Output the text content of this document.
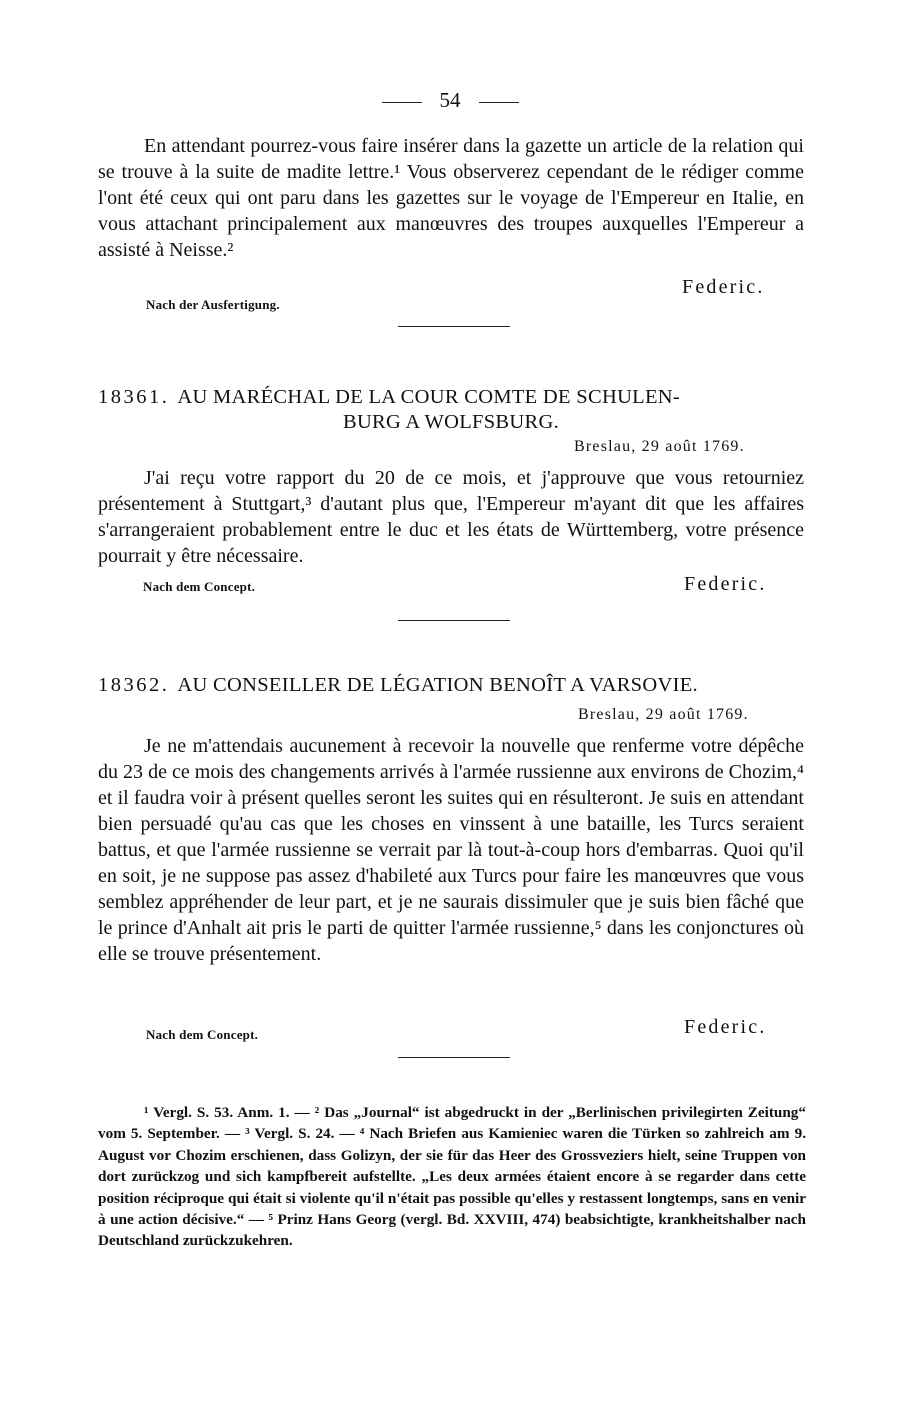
54

En attendant pourrez-vous faire insérer dans la gazette un article de la relation qui se trouve à la suite de madite lettre.¹ Vous observerez cependant de le rédiger comme l'ont été ceux qui ont paru dans les gazettes sur le voyage de l'Empereur en Italie, en vous attachant principalement aux manœuvres des troupes auxquelles l'Empereur a assisté à Neisse.²

Nach der Ausfertigung.
Federic.

18361. AU MARÉCHAL DE LA COUR COMTE DE SCHULEN-

BURG A WOLFSBURG.

Breslau, 29 août 1769.

J'ai reçu votre rapport du 20 de ce mois, et j'approuve que vous retourniez présentement à Stuttgart,³ d'autant plus que, l'Empereur m'ayant dit que les affaires s'arrangeraient probablement entre le duc et les états de Württemberg, votre présence pourrait y être nécessaire.

Nach dem Concept.	Federic.

18362. AU CONSEILLER DE LÉGATION BENOÎT A VARSOVIE.

Breslau, 29 août 1769.

Je ne m'attendais aucunement à recevoir la nouvelle que renferme votre dépêche du 23 de ce mois des changements arrivés à l'armée russienne aux environs de Chozim,⁴ et il faudra voir à présent quelles seront les suites qui en résulteront. Je suis en attendant bien persuadé qu'au cas que les choses en vinssent à une bataille, les Turcs seraient battus, et que l'armée russienne se verrait par là tout-à-coup hors d'embarras. Quoi qu'il en soit, je ne suppose pas assez d'habileté aux Turcs pour faire les manœuvres que vous semblez appréhender de leur part, et je ne saurais dissimuler que je suis bien fâché que le prince d'Anhalt ait pris le parti de quitter l'armée russienne,⁵ dans les conjonctures où elle se trouve présentement.

Nach dem Concept.	Federic.

¹ Vergl. S. 53. Anm. 1. — ² Das „Journal“ ist abgedruckt in der „Berlinischen privilegirten Zeitung“ vom 5. September. — ³ Vergl. S. 24. — ⁴ Nach Briefen aus Kamieniec waren die Türken so zahlreich am 9. August vor Chozim erschienen, dass Golizyn, der sie für das Heer des Grossveziers hielt, seine Truppen von dort zurückzog und sich kampfbereit aufstellte. „Les deux armées étaient encore à se regarder dans cette position réciproque qui était si violente qu'il n'était pas possible qu'elles y restassent longtemps, sans en venir à une action décisive.“ — ⁵ Prinz Hans Georg (vergl. Bd. XXVIII, 474) beabsichtigte, krankheitshalber nach Deutschland zurückzukehren.
